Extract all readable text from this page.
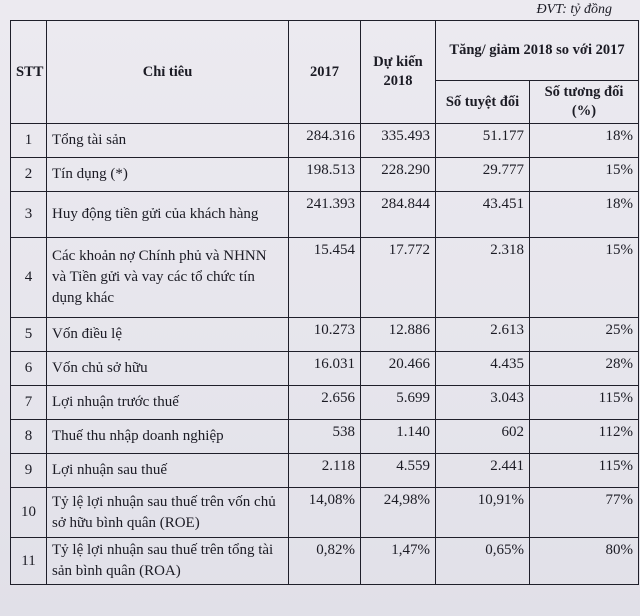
ĐVT: tỷ đồng
STT	Chỉ tiêu	2017	Dự kiến 2018	Tăng/ giảm 2018 so với 2017	
				Số tuyệt đối	Số tương đối (%)
1	Tổng tài sản	284.316	335.493	51.177	18%
2	Tín dụng (*)	198.513	228.290	29.777	15%
3	Huy động tiền gửi của khách hàng	241.393	284.844	43.451	18%
4	Các khoản nợ Chính phủ và NHNN và Tiền gửi và vay các tổ chức tín dụng khác	15.454	17.772	2.318	15%
5	Vốn điều lệ	10.273	12.886	2.613	25%
6	Vốn chủ sở hữu	16.031	20.466	4.435	28%
7	Lợi nhuận trước thuế	2.656	5.699	3.043	115%
8	Thuế thu nhập doanh nghiệp	538	1.140	602	112%
9	Lợi nhuận sau thuế	2.118	4.559	2.441	115%
10	Tỷ lệ lợi nhuận sau thuế trên vốn chủ sở hữu bình quân (ROE)	14,08%	24,98%	10,91%	77%
11	Tỷ lệ lợi nhuận sau thuế trên tổng tài sản bình quân (ROA)	0,82%	1,47%	0,65%	80%
